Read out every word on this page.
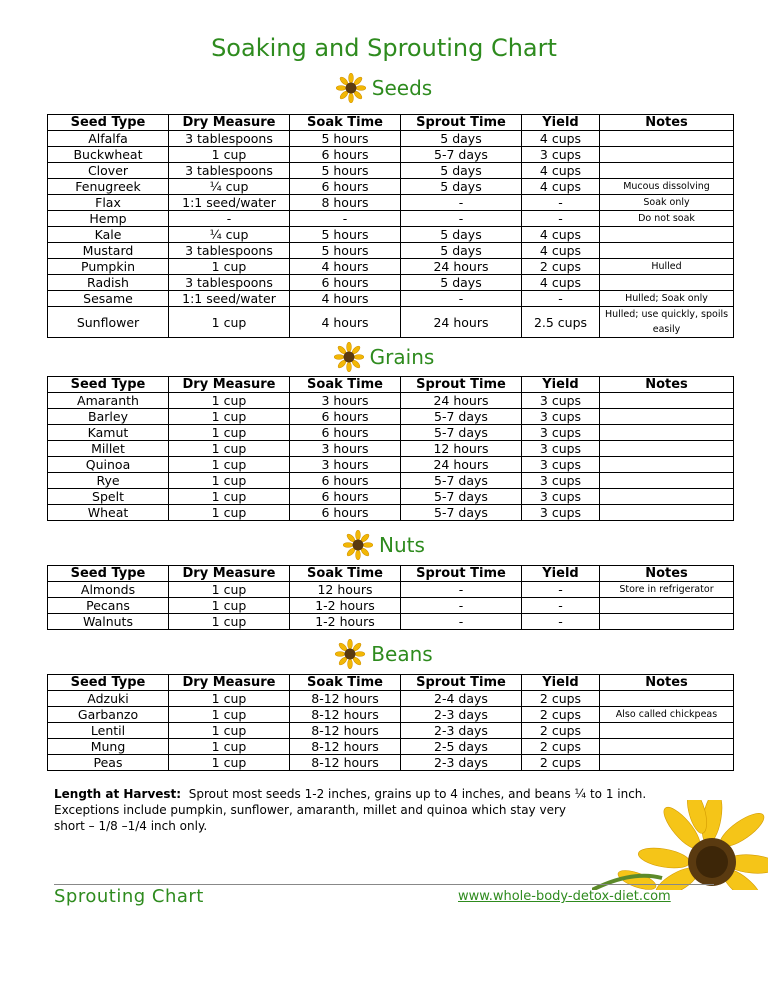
Soaking and Sprouting Chart
Seeds
Seed Type	Dry Measure	Soak Time	Sprout Time	Yield	Notes
Alfalfa	3 tablespoons	5 hours	5 days	4 cups	
Buckwheat	1 cup	6 hours	5-7 days	3 cups	
Clover	3 tablespoons	5 hours	5 days	4 cups	
Fenugreek	¼ cup	6 hours	5 days	4 cups	Mucous dissolving
Flax	1:1 seed/water	8 hours	-	-	Soak only
Hemp	-	-	-	-	Do not soak
Kale	¼ cup	5 hours	5 days	4 cups	
Mustard	3 tablespoons	5 hours	5 days	4 cups	
Pumpkin	1 cup	4 hours	24 hours	2 cups	Hulled
Radish	3 tablespoons	6 hours	5 days	4 cups	
Sesame	1:1 seed/water	4 hours	-	-	Hulled; Soak only
Sunflower	1 cup	4 hours	24 hours	2.5 cups	Hulled; use quickly, spoils easily
Grains
Seed Type	Dry Measure	Soak Time	Sprout Time	Yield	Notes
Amaranth	1 cup	3 hours	24 hours	3 cups	
Barley	1 cup	6 hours	5-7 days	3 cups	
Kamut	1 cup	6 hours	5-7 days	3 cups	
Millet	1 cup	3 hours	12 hours	3 cups	
Quinoa	1 cup	3 hours	24 hours	3 cups	
Rye	1 cup	6 hours	5-7 days	3 cups	
Spelt	1 cup	6 hours	5-7 days	3 cups	
Wheat	1 cup	6 hours	5-7 days	3 cups	
Nuts
Seed Type	Dry Measure	Soak Time	Sprout Time	Yield	Notes
Almonds	1 cup	12 hours	-	-	Store in refrigerator
Pecans	1 cup	1-2 hours	-	-	
Walnuts	1 cup	1-2 hours	-	-	
Beans
Seed Type	Dry Measure	Soak Time	Sprout Time	Yield	Notes
Adzuki	1 cup	8-12 hours	2-4 days	2 cups	
Garbanzo	1 cup	8-12 hours	2-3 days	2 cups	Also called chickpeas
Lentil	1 cup	8-12 hours	2-3 days	2 cups	
Mung	1 cup	8-12 hours	2-5 days	2 cups	
Peas	1 cup	8-12 hours	2-3 days	2 cups	
Length at Harvest: Sprout most seeds 1-2 inches, grains up to 4 inches, and beans ¼ to 1 inch.
Exceptions include pumpkin, sunflower, amaranth, millet and quinoa which stay very
short – 1/8 –1/4 inch only.
Sprouting Chart	www.whole-body-detox-diet.com
